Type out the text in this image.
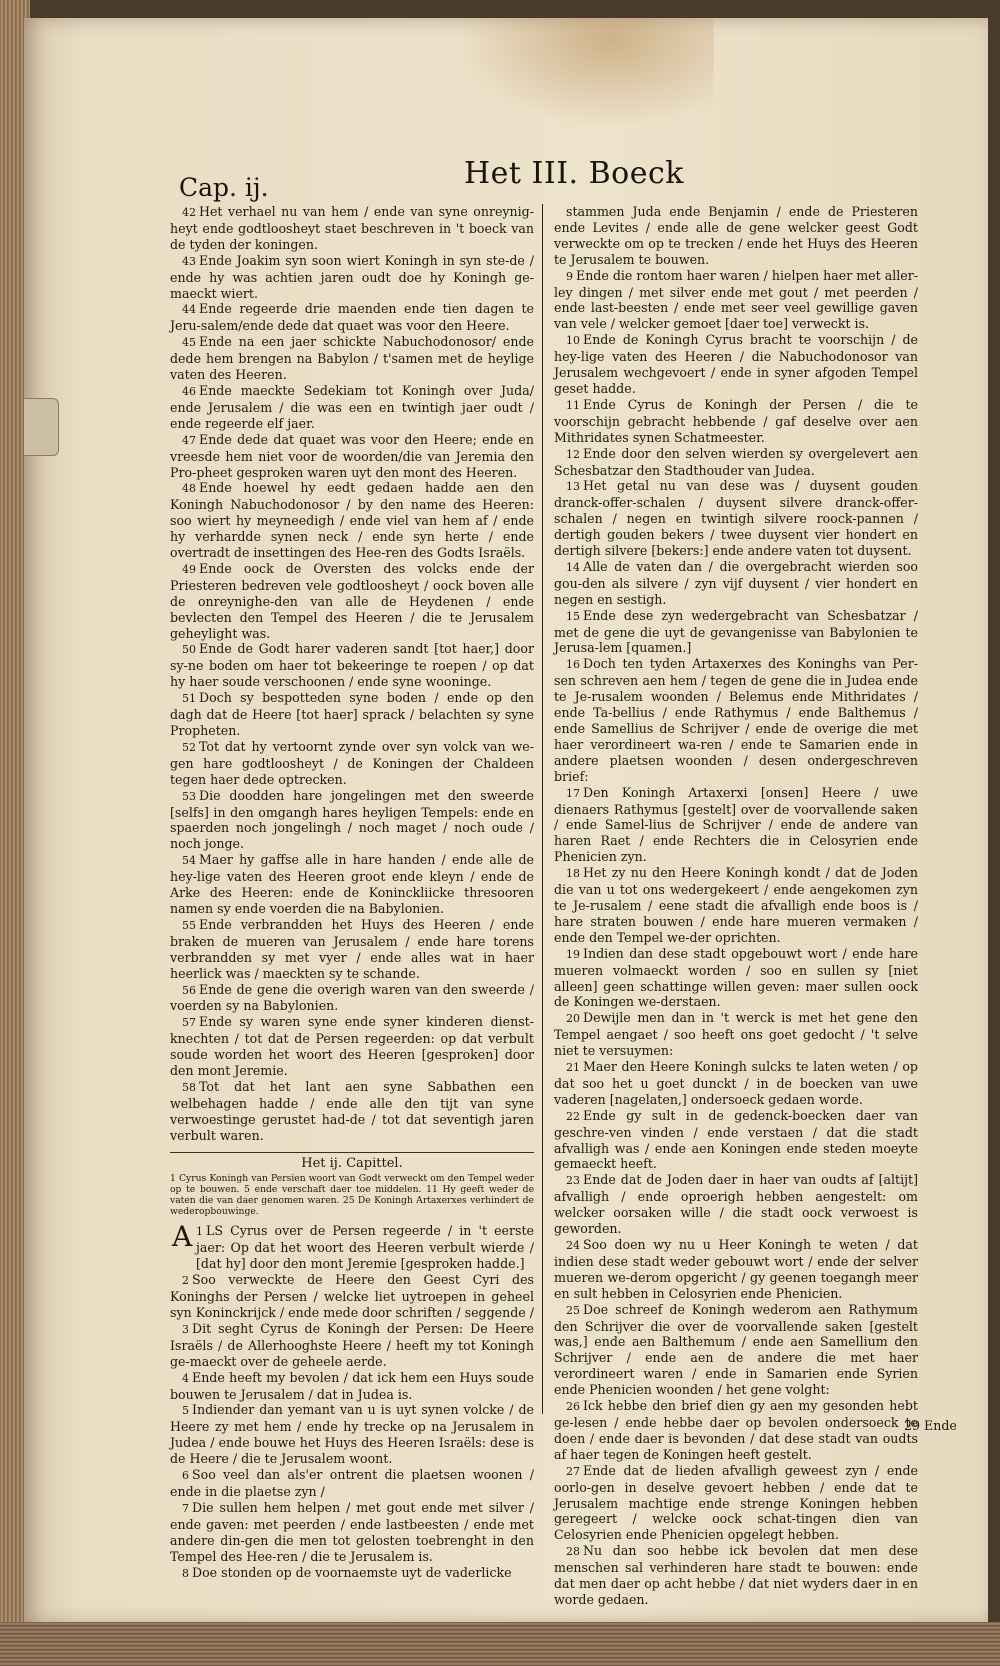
Het III. Boeck
Cap. ij.

42 Het verhael nu van hem / ende van syne onreynig-heyt ende godtloosheyt staet beschreven in 't boeck van de tyden der koningen.

43 Ende Joakim syn soon wiert Koningh in syn ste-de / ende hy was achtien jaren oudt doe hy Koningh ge-maeckt wiert.

44 Ende regeerde drie maenden ende tien dagen te Jeru-salem/ende dede dat quaet was voor den Heere.

45 Ende na een jaer schickte Nabuchodonosor/ ende dede hem brengen na Babylon / t'samen met de heylige vaten des Heeren.

46 Ende maeckte Sedekiam tot Koningh over Juda/ ende Jerusalem / die was een en twintigh jaer oudt / ende regeerde elf jaer.

47 Ende dede dat quaet was voor den Heere; ende en vreesde hem niet voor de woorden/die van Jeremia den Pro-pheet gesproken waren uyt den mont des Heeren.

48 Ende hoewel hy eedt gedaen hadde aen den Koningh Nabuchodonosor / by den name des Heeren: soo wiert hy meyneedigh / ende viel van hem af / ende hy verhardde synen neck / ende syn herte / ende overtradt de insettingen des Hee-ren des Godts Israëls.

49 Ende oock de Oversten des volcks ende der Priesteren bedreven vele godtloosheyt / oock boven alle de onreynighe-den van alle de Heydenen / ende bevlecten den Tempel des Heeren / die te Jerusalem geheylight was.

50 Ende de Godt harer vaderen sandt [tot haer,] door sy-ne boden om haer tot bekeeringe te roepen / op dat hy haer soude verschoonen / ende syne wooninge.

51 Doch sy bespotteden syne boden / ende op den dagh dat de Heere [tot haer] sprack / belachten sy syne Propheten.

52 Tot dat hy vertoornt zynde over syn volck van we-gen hare godtloosheyt / de Koningen der Chaldeen tegen haer dede optrecken.

53 Die doodden hare jongelingen met den sweerde [selfs] in den omgangh hares heyligen Tempels: ende en spaerden noch jongelingh / noch maget / noch oude / noch jonge.

54 Maer hy gaffse alle in hare handen / ende alle de hey-lige vaten des Heeren groot ende kleyn / ende de Arke des Heeren: ende de Koninckliicke thresooren namen sy ende voerden die na Babylonien.

55 Ende verbrandden het Huys des Heeren / ende braken de mueren van Jerusalem / ende hare torens verbrandden sy met vyer / ende alles wat in haer heerlick was / maeckten sy te schande.

56 Ende de gene die overigh waren van den sweerde / voerden sy na Babylonien.

57 Ende sy waren syne ende syner kinderen dienst-knechten / tot dat de Persen regeerden: op dat verbult soude worden het woort des Heeren [gesproken] door den mont Jeremie.

58 Tot dat het lant aen syne Sabbathen een welbehagen hadde / ende alle den tijt van syne verwoestinge gerustet had-de / tot dat seventigh jaren verbult waren.

Het ij. Capittel.

1 Cyrus Koningh van Persien woort van Godt verweckt om den Tempel weder op te bouwen. 5 ende verschaft daer toe middelen. 11 Hy geeft weder de vaten die van daer genomen waren. 25 De Koningh Artaxerxes verhindert de wederopbouwinge.

A 1 LS Cyrus over de Persen regeerde / in 't eerste jaer: Op dat het woort des Heeren verbult wierde / [dat hy] door den mont Jeremie [gesproken hadde.]

2 Soo verweckte de Heere den Geest Cyri des Koninghs der Persen / welcke liet uytroepen in geheel syn Koninckrijck / ende mede door schriften / seggende /

3 Dit seght Cyrus de Koningh der Persen: De Heere Israëls / de Allerhooghste Heere / heeft my tot Koningh ge-maeckt over de geheele aerde.

4 Ende heeft my bevolen / dat ick hem een Huys soude bouwen te Jerusalem / dat in Judea is.

5 Indiender dan yemant van u is uyt synen volcke / de Heere zy met hem / ende hy trecke op na Jerusalem in Judea / ende bouwe het Huys des Heeren Israëls: dese is de Heere / die te Jerusalem woont.

6 Soo veel dan als'er ontrent die plaetsen woonen / ende in die plaetse zyn /

7 Die sullen hem helpen / met gout ende met silver / ende gaven: met peerden / ende lastbeesten / ende met andere din-gen die men tot gelosten toebrenght in den Tempel des Hee-ren / die te Jerusalem is.

8 Doe stonden op de voornaemste uyt de vaderlicke

stammen Juda ende Benjamin / ende de Priesteren ende Levites / ende alle de gene welcker geest Godt verweckte om op te trecken / ende het Huys des Heeren te Jerusalem te bouwen.

9 Ende die rontom haer waren / hielpen haer met aller-ley dingen / met silver ende met gout / met peerden / ende last-beesten / ende met seer veel gewillige gaven van vele / welcker gemoet [daer toe] verweckt is.

10 Ende de Koningh Cyrus bracht te voorschijn / de hey-lige vaten des Heeren / die Nabuchodonosor van Jerusalem wechgevoert / ende in syner afgoden Tempel geset hadde.

11 Ende Cyrus de Koningh der Persen / die te voorschijn gebracht hebbende / gaf deselve over aen Mithridates synen Schatmeester.

12 Ende door den selven wierden sy overgelevert aen Schesbatzar den Stadthouder van Judea.

13 Het getal nu van dese was / duysent gouden dranck-offer-schalen / duysent silvere dranck-offer-schalen / negen en twintigh silvere roock-pannen / dertigh gouden bekers / twee duysent vier hondert en dertigh silvere [bekers:] ende andere vaten tot duysent.

14 Alle de vaten dan / die overgebracht wierden soo gou-den als silvere / zyn vijf duysent / vier hondert en negen en sestigh.

15 Ende dese zyn wedergebracht van Schesbatzar / met de gene die uyt de gevangenisse van Babylonien te Jerusa-lem [quamen.]

16 Doch ten tyden Artaxerxes des Koninghs van Per-sen schreven aen hem / tegen de gene die in Judea ende te Je-rusalem woonden / Belemus ende Mithridates / ende Ta-bellius / ende Rathymus / ende Balthemus / ende Samellius de Schrijver / ende de overige die met haer verordineert wa-ren / ende te Samarien ende in andere plaetsen woonden / desen ondergeschreven brief:

17 Den Koningh Artaxerxi [onsen] Heere / uwe dienaers Rathymus [gestelt] over de voorvallende saken / ende Samel-lius de Schrijver / ende de andere van haren Raet / ende Rechters die in Celosyrien ende Phenicien zyn.

18 Het zy nu den Heere Koningh kondt / dat de Joden die van u tot ons wedergekeert / ende aengekomen zyn te Je-rusalem / eene stadt die afvalligh ende boos is / hare straten bouwen / ende hare mueren vermaken / ende den Tempel we-der oprichten.

19 Indien dan dese stadt opgebouwt wort / ende hare mueren volmaeckt worden / soo en sullen sy [niet alleen] geen schattinge willen geven: maer sullen oock de Koningen we-derstaen.

20 Dewijle men dan in 't werck is met het gene den Tempel aengaet / soo heeft ons goet gedocht / 't selve niet te versuymen:

21 Maer den Heere Koningh sulcks te laten weten / op dat soo het u goet dunckt / in de boecken van uwe vaderen [nagelaten,] ondersoeck gedaen worde.

22 Ende gy sult in de gedenck-boecken daer van geschre-ven vinden / ende verstaen / dat die stadt afvalligh was / ende aen Koningen ende steden moeyte gemaeckt heeft.

23 Ende dat de Joden daer in haer van oudts af [altijt] afvalligh / ende oproerigh hebben aengestelt: om welcker oorsaken wille / die stadt oock verwoest is geworden.

24 Soo doen wy nu u Heer Koningh te weten / dat indien dese stadt weder gebouwt wort / ende der selver mueren we-derom opgericht / gy geenen toegangh meer en sult hebben in Celosyrien ende Phenicien.

25 Doe schreef de Koningh wederom aen Rathymum den Schrijver die over de voorvallende saken [gestelt was,] ende aen Balthemum / ende aen Samellium den Schrijver / ende aen de andere die met haer verordineert waren / ende in Samarien ende Syrien ende Phenicien woonden / het gene volght:

26 Ick hebbe den brief dien gy aen my gesonden hebt ge-lesen / ende hebbe daer op bevolen ondersoeck te doen / ende daer is bevonden / dat dese stadt van oudts af haer tegen de Koningen heeft gestelt.

27 Ende dat de lieden afvalligh geweest zyn / ende oorlo-gen in deselve gevoert hebben / ende dat te Jerusalem machtige ende strenge Koningen hebben geregeert / welcke oock schat-tingen dien van Celosyrien ende Phenicien opgelegt hebben.

28 Nu dan soo hebbe ick bevolen dat men dese menschen sal verhinderen hare stadt te bouwen: ende dat men daer op acht hebbe / dat niet wyders daer in en worde gedaen.

29 Ende
